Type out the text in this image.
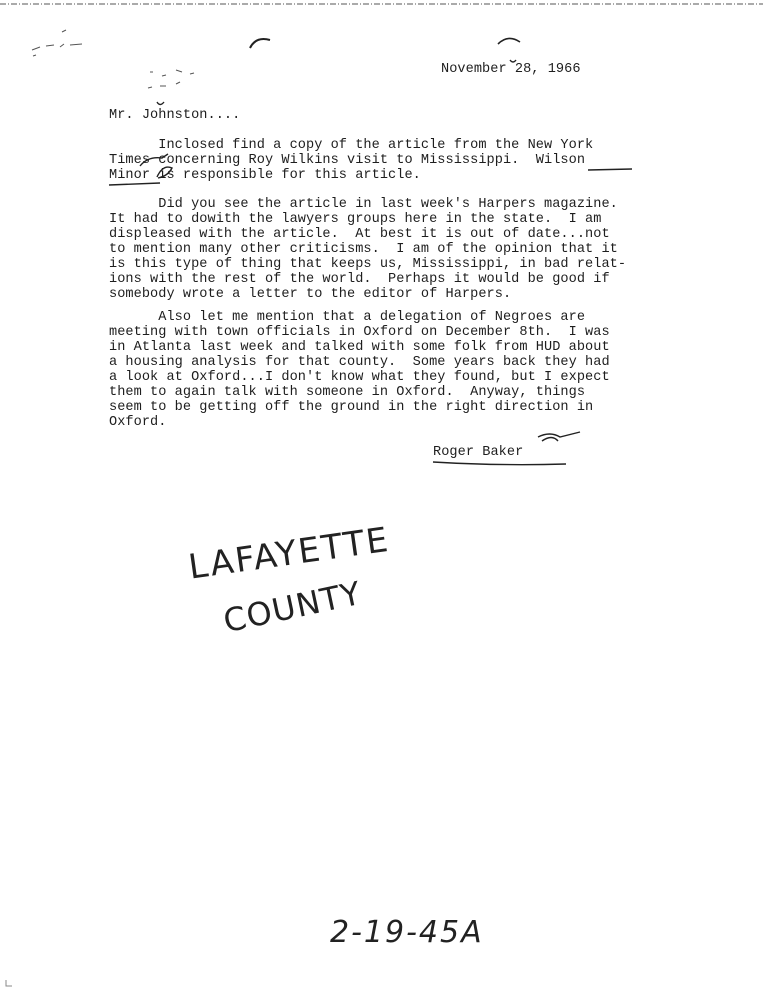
November 28, 1966
Mr. Johnston....
Inclosed find a copy of the article from the New York
Times concerning Roy Wilkins visit to Mississippi.  Wilson
Minor is responsible for this article.
Did you see the article in last week's Harpers magazine.
It had to dowith the lawyers groups here in the state.  I am
displeased with the article.  At best it is out of date...not
to mention many other criticisms.  I am of the opinion that it
is this type of thing that keeps us, Mississippi, in bad relat-
ions with the rest of the world.  Perhaps it would be good if
somebody wrote a letter to the editor of Harpers.
Also let me mention that a delegation of Negroes are
meeting with town officials in Oxford on December 8th.  I was
in Atlanta last week and talked with some folk from HUD about
a housing analysis for that county.  Some years back they had
a look at Oxford...I don't know what they found, but I expect
them to again talk with someone in Oxford.  Anyway, things
seem to be getting off the ground in the right direction in
Oxford.
Roger Baker
LAFAYETTE
COUNTY
2-19-45A
